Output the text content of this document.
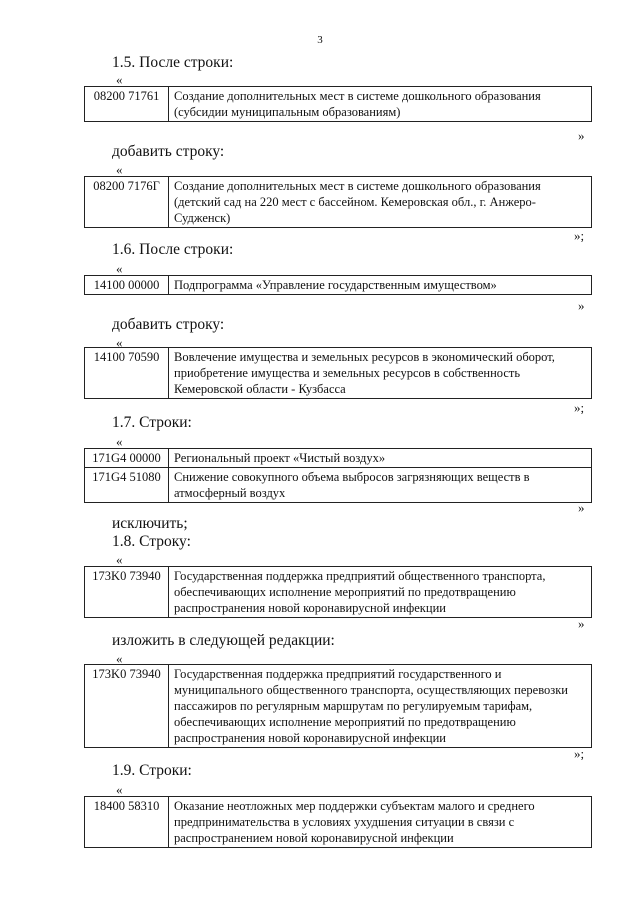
3
1.5. После строки:
«
08200 71761	Создание дополнительных мест в системе дошкольного образования
(субсидии муниципальным образованиям)
»
добавить строку:
«
08200 7176Г	Создание дополнительных мест в системе дошкольного образования
(детский сад на 220 мест с бассейном. Кемеровская обл., г. Анжеро-
Судженск)
»;
1.6. После строки:
«
14100 00000	Подпрограмма «Управление государственным имуществом»
»
добавить строку:
«
14100 70590	Вовлечение имущества и земельных ресурсов в экономический оборот,
приобретение имущества и земельных ресурсов в собственность
Кемеровской области - Кузбасса
»;
1.7. Строки:
«
171G4 00000	Региональный проект «Чистый воздух»

171G4 51080	Снижение совокупного объема выбросов загрязняющих веществ в
атмосферный воздух
»
исключить;
1.8. Строку:
«
173K0 73940	Государственная поддержка предприятий общественного транспорта,
обеспечивающих исполнение мероприятий по предотвращению
распространения новой коронавирусной инфекции
»
изложить в следующей редакции:
«
173K0 73940	Государственная поддержка предприятий государственного и
муниципального общественного транспорта, осуществляющих перевозки
пассажиров по регулярным маршрутам по регулируемым тарифам,
обеспечивающих исполнение мероприятий по предотвращению
распространения новой коронавирусной инфекции
»;
1.9. Строки:
«
18400 58310	Оказание неотложных мер поддержки субъектам малого и среднего
предпринимательства в условиях ухудшения ситуации в связи с
распространением новой коронавирусной инфекции
